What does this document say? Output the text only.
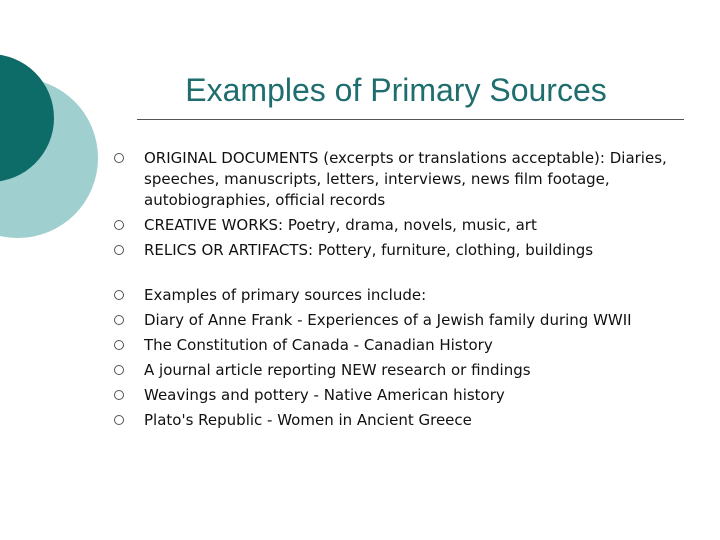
Examples of Primary Sources
ORIGINAL DOCUMENTS (excerpts or translations acceptable): Diaries, speeches, manuscripts, letters, interviews, news film footage, autobiographies, official records
CREATIVE WORKS: Poetry, drama, novels, music, art
RELICS OR ARTIFACTS: Pottery, furniture, clothing, buildings
Examples of primary sources include:
Diary of Anne Frank - Experiences of a Jewish family during WWII
The Constitution of Canada - Canadian History
A journal article reporting NEW research or findings
Weavings and pottery - Native American history
Plato's Republic - Women in Ancient Greece
